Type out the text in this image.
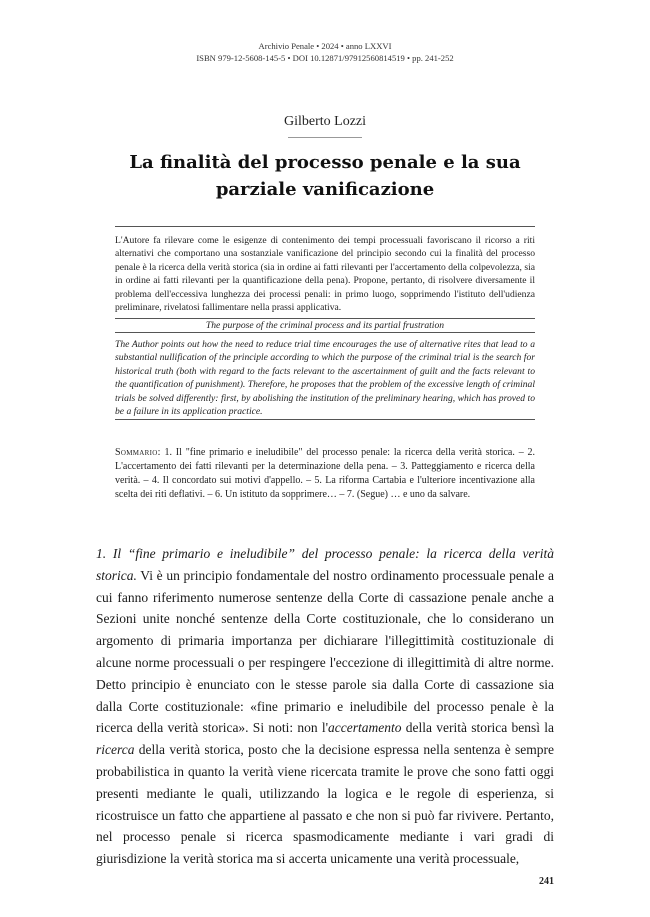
Archivio Penale • 2024 • anno LXXVI
ISBN 979-12-5608-145-5 • DOI 10.12871/97912560814519 • pp. 241-252
Gilberto Lozzi
La finalità del processo penale e la sua parziale vanificazione

L'Autore fa rilevare come le esigenze di contenimento dei tempi processuali favoriscano il ricorso a riti alternativi che comportano una sostanziale vanificazione del principio secondo cui la finalità del processo penale è la ricerca della verità storica (sia in ordine ai fatti rilevanti per l'accertamento della colpevolezza, sia in ordine ai fatti rilevanti per la quantificazione della pena). Propone, pertanto, di risolvere diversamente il problema dell'eccessiva lunghezza dei processi penali: in primo luogo, sopprimendo l'istituto dell'udienza preliminare, rivelatosi fallimentare nella prassi applicativa.

The purpose of the criminal process and its partial frustration

The Author points out how the need to reduce trial time encourages the use of alternative rites that lead to a substantial nullification of the principle according to which the purpose of the criminal trial is the search for historical truth (both with regard to the facts relevant to the ascertainment of guilt and the facts relevant to the quantification of punishment). Therefore, he proposes that the problem of the excessive length of criminal trials be solved differently: first, by abolishing the institution of the preliminary hearing, which has proved to be a failure in its application practice.

Sommario: 1. Il "fine primario e ineludibile" del processo penale: la ricerca della verità storica. – 2. L'accertamento dei fatti rilevanti per la determinazione della pena. – 3. Patteggiamento e ricerca della verità. – 4. Il concordato sui motivi d'appello. – 5. La riforma Cartabia e l'ulteriore incentivazione alla scelta dei riti deflativi. – 6. Un istituto da sopprimere… – 7. (Segue) … e uno da salvare.

1. Il “fine primario e ineludibile” del processo penale: la ricerca della verità storica. Vi è un principio fondamentale del nostro ordinamento processuale penale a cui fanno riferimento numerose sentenze della Corte di cassazione penale anche a Sezioni unite nonché sentenze della Corte costituzionale, che lo considerano un argomento di primaria importanza per dichiarare l'illegittimità costituzionale di alcune norme processuali o per respingere l'eccezione di illegittimità di altre norme. Detto principio è enunciato con le stesse parole sia dalla Corte di cassazione sia dalla Corte costituzionale: «fine primario e ineludibile del processo penale è la ricerca della verità storica». Si noti: non l'accertamento della verità storica bensì la ricerca della verità storica, posto che la decisione espressa nella sentenza è sempre probabilistica in quanto la verità viene ricercata tramite le prove che sono fatti oggi presenti mediante le quali, utilizzando la logica e le regole di esperienza, si ricostruisce un fatto che appartiene al passato e che non si può far rivivere. Pertanto, nel processo penale si ricerca spasmodicamente mediante i vari gradi di giurisdizione la verità storica ma si accerta unicamente una verità processuale,

241
